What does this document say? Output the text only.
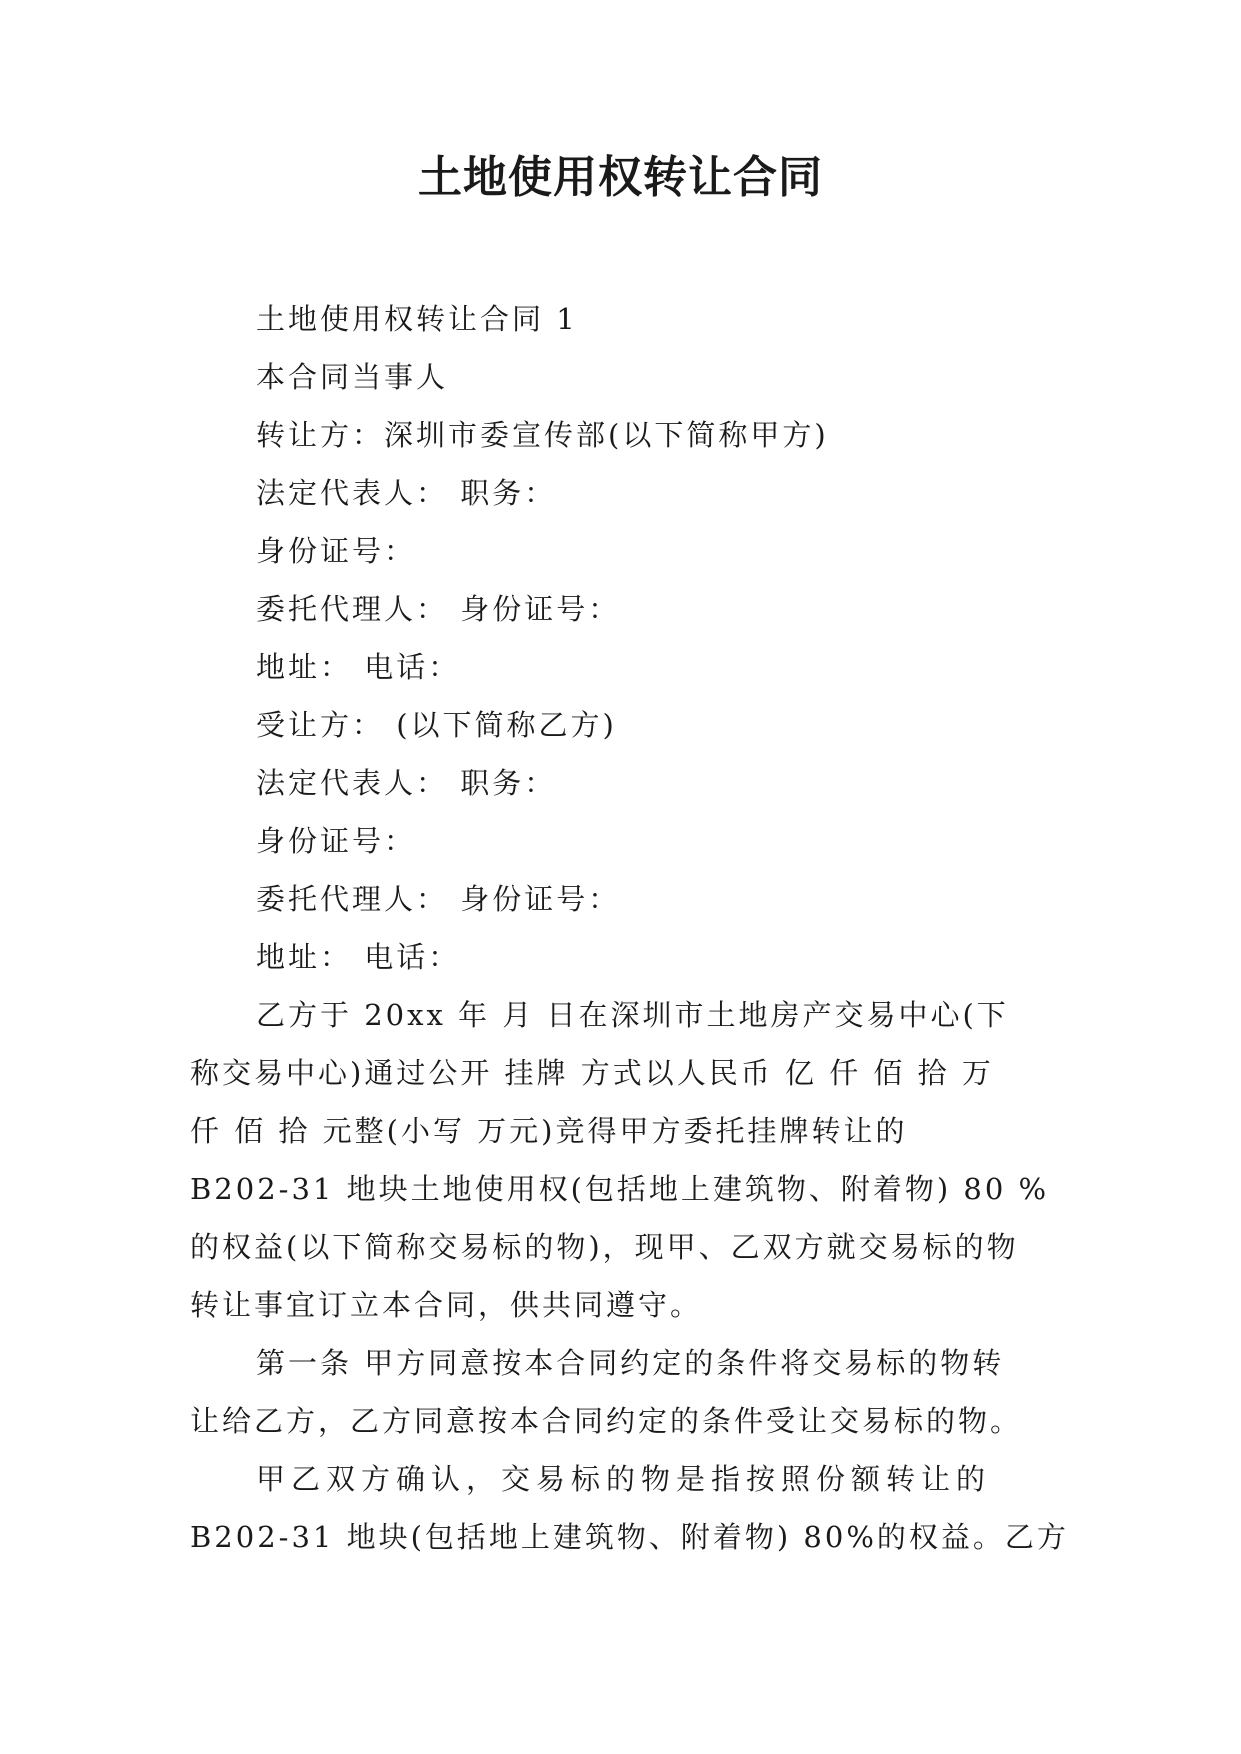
土地使用权转让合同
土地使用权转让合同 1
本合同当事人
转让方：深圳市委宣传部(以下简称甲方)
法定代表人： 职务：
身份证号：
委托代理人： 身份证号：
地址： 电话：
受让方： (以下简称乙方)
法定代表人： 职务：
身份证号：
委托代理人： 身份证号：
地址： 电话：
乙方于 20xx 年 月 日在深圳市土地房产交易中心(下
称交易中心)通过公开 挂牌 方式以人民币 亿 仟 佰 拾 万
仟 佰 拾 元整(小写 万元)竞得甲方委托挂牌转让的
B202-31 地块土地使用权(包括地上建筑物、附着物) 80 %
的权益(以下简称交易标的物)，现甲、乙双方就交易标的物
转让事宜订立本合同，供共同遵守。
第一条 甲方同意按本合同约定的条件将交易标的物转
让给乙方，乙方同意按本合同约定的条件受让交易标的物。
甲乙双方确认，交易标的物是指按照份额转让的
B202-31 地块(包括地上建筑物、附着物) 80%的权益。乙方
